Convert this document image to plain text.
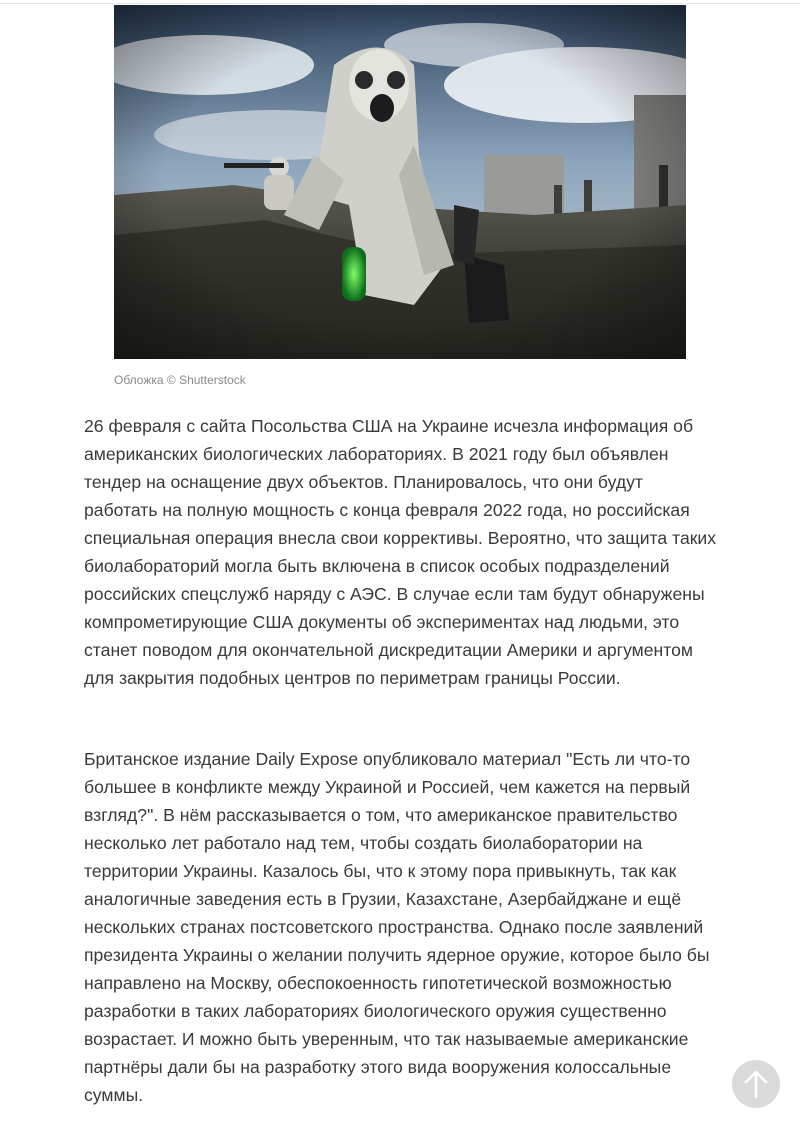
Обложка © Shutterstock

26 февраля с сайта Посольства США на Украине исчезла информация об американских биологических лабораториях. В 2021 году был объявлен тендер на оснащение двух объектов. Планировалось, что они будут работать на полную мощность с конца февраля 2022 года, но российская специальная операция внесла свои коррективы. Вероятно, что защита таких биолабораторий могла быть включена в список особых подразделений российских спецслужб наряду с АЭС. В случае если там будут обнаружены компрометирующие США документы об экспериментах над людьми, это станет поводом для окончательной дискредитации Америки и аргументом для закрытия подобных центров по периметрам границы России.

Британское издание Daily Expose опубликовало материал "Есть ли что-то большее в конфликте между Украиной и Россией, чем кажется на первый взгляд?". В нём рассказывается о том, что американское правительство несколько лет работало над тем, чтобы создать биолаборатории на территории Украины. Казалось бы, что к этому пора привыкнуть, так как аналогичные заведения есть в Грузии, Казахстане, Азербайджане и ещё нескольких странах постсоветского пространства. Однако после заявлений президента Украины о желании получить ядерное оружие, которое было бы направлено на Москву, обеспокоенность гипотетической возможностью разработки в таких лабораториях биологического оружия существенно возрастает. И можно быть уверенным, что так называемые американские партнёры дали бы на разработку этого вида вооружения колоссальные суммы.
